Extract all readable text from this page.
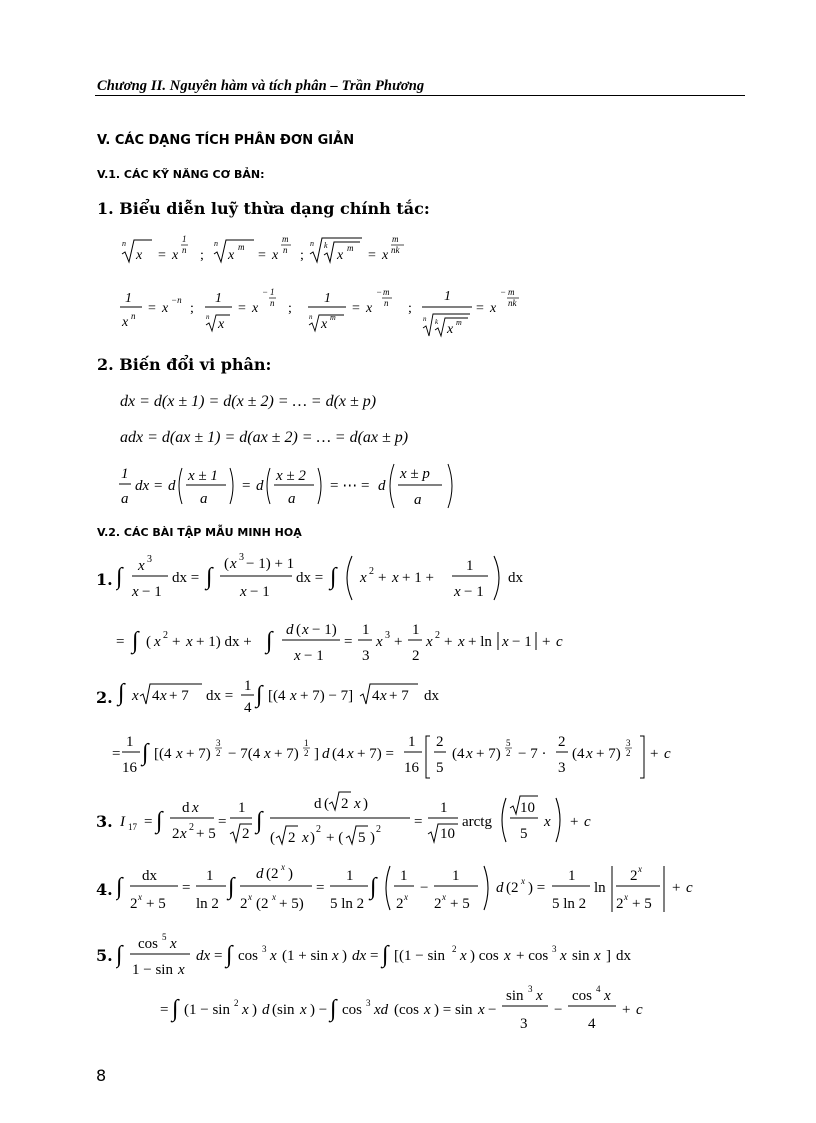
Chương II. Nguyên hàm và tích phân – Trần Phương
V. CÁC DẠNG TÍCH PHÂN ĐƠN GIẢN
V.1. CÁC KỸ NĂNG CƠ BẢN:
1. Biểu diễn luỹ thừa dạng chính tắc:
n
x = x
1
n ;
n
x
m
= x
m
n ;
n k
x m = x
m
nk
1
x n = x
−n
;
1
n x
= x
− 1
n ;
1
n x m
= x
− m
n ;
1
n k x m
= x
− m
nk
2. Biến đổi vi phân:
dx = d(x ± 1) = d(x ± 2) = … = d(x ± p)
adx = d(ax ± 1) = d(ax ± 2) = … = d(ax ± p)
1
a
dx = d
x ± 1
a
= d
x ± 2
a
= ⋯ = d
x ± p
a
V.2. CÁC BÀI TẬP MẪU MINH HOẠ
1. ∫ x 3
x − 1
dx = ∫ ( x 3 − 1) + 1
x − 1
dx = ∫ x 2 + x + 1 +
1
x − 1
dx
= ∫ ( x 2 + x + 1) dx + ∫ d ( x − 1)
x − 1
=
1
3
x 3 +
1
2
x 2 + x + ln x − 1 + c
2. ∫ x 4 x + 7 dx =
1
4 ∫ [(4 x + 7) − 7] 4 x + 7 dx
=
1
16
∫ [(4 x + 7)
3
2 − 7(4 x + 7)
1
2 ] d (4 x + 7) =
1
16
2
5
(4 x + 7)
5
2 − 7 ·
2
3
(4 x + 7)
3
2 + c
3. I 17 = ∫ d x
2 x 2 + 5
=
1
2 ∫
d ( 2 x )
( 2 x )
2
+ ( 5 )
2 =
1
10
arctg
10
5
x + c
4. ∫ dx
2 x + 5
=
1
ln 2
∫ d (2 x )
2 x (2 x + 5)
=
1
5 ln 2
∫ 1
2 x
−
1
2 x + 5
d (2 x ) =
1
5 ln 2
ln
2 x
2 x + 5
+ c
5. ∫ cos 5 x
1 − sin x
dx = ∫ cos 3 x (1 + sin x ) dx = ∫ [(1 − sin 2 x ) cos x + cos 3 x sin x ] dx
= ∫ (1 − sin 2 x ) d (sin x ) − ∫ cos 3 xd (cos x ) = sin x −
sin 3 x
3
−
cos 4 x
4
+ c
8
